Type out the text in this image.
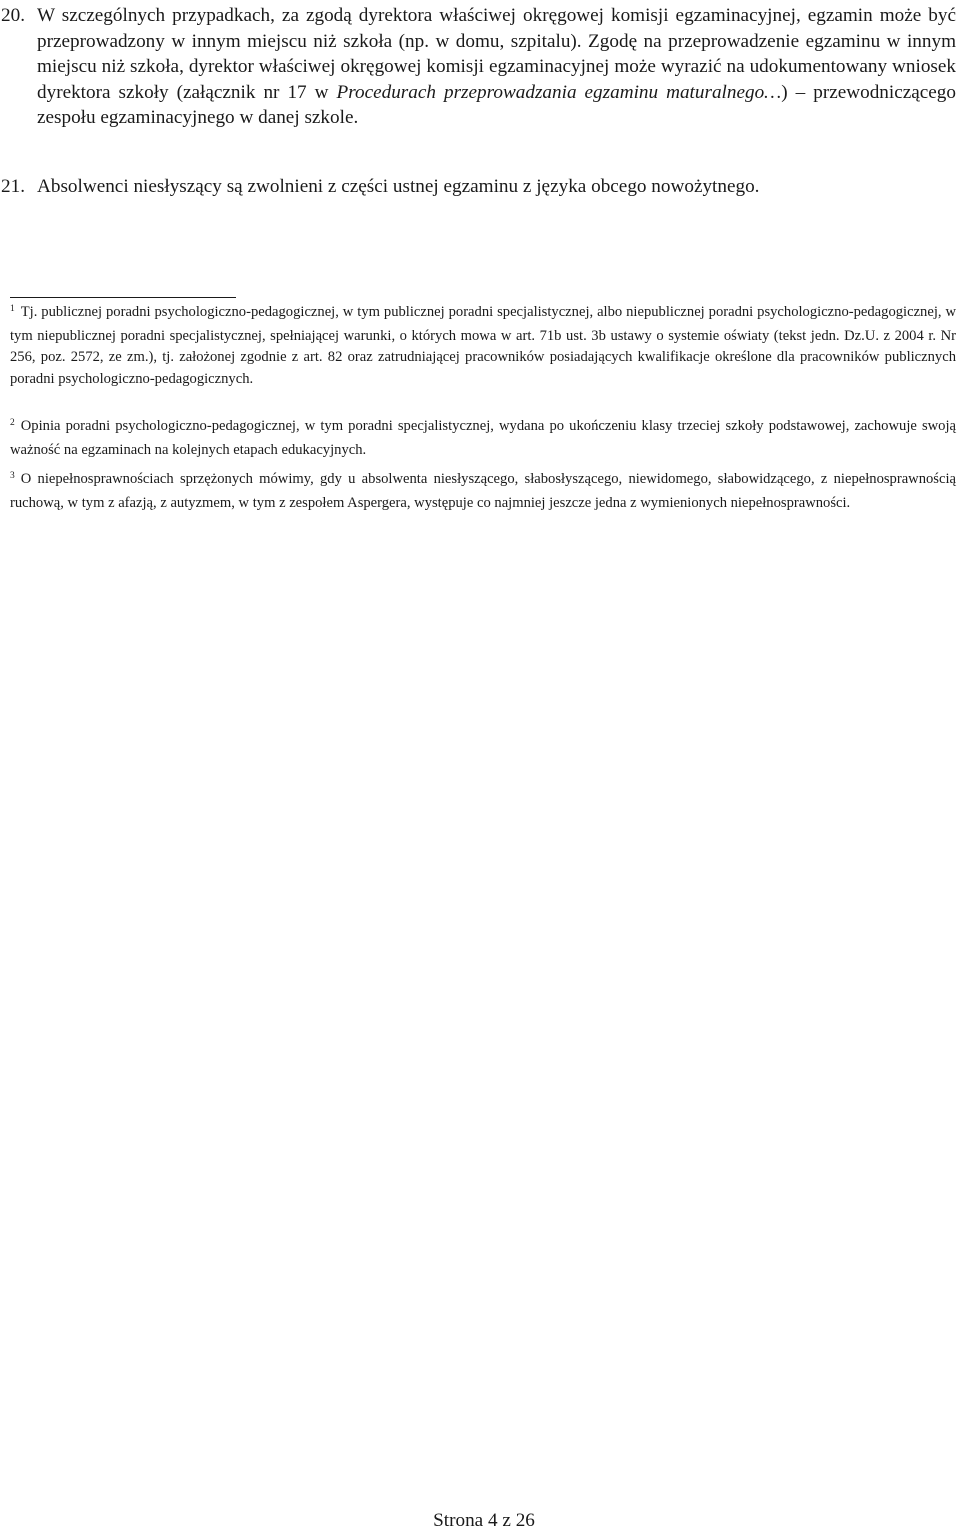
20. W szczególnych przypadkach, za zgodą dyrektora właściwej okręgowej komisji egzaminacyjnej, egzamin może być przeprowadzony w innym miejscu niż szkoła (np. w domu, szpitalu). Zgodę na przeprowadzenie egzaminu w innym miejscu niż szkoła, dyrektor właściwej okręgowej komisji egzaminacyjnej może wyrazić na udokumentowany wniosek dyrektora szkoły (załącznik nr 17 w Procedurach przeprowadzania egzaminu maturalnego…) – przewodniczącego zespołu egzaminacyjnego w danej szkole.
21. Absolwenci niesłyszący są zwolnieni z części ustnej egzaminu z języka obcego nowożytnego.
$^1$ Tj. publicznej poradni psychologiczno-pedagogicznej, w tym publicznej poradni specjalistycznej, albo niepublicznej poradni psychologiczno-pedagogicznej, w tym niepublicznej poradni specjalistycznej, spełniającej warunki, o których mowa w art. 71b ust. 3b ustawy o systemie oświaty (tekst jedn. Dz.U. z 2004 r. Nr 256, poz. 2572, ze zm.), tj. założonej zgodnie z art. 82 oraz zatrudniającej pracowników posiadających kwalifikacje określone dla pracowników publicznych poradni psychologiczno-pedagogicznych.
$^2$ Opinia poradni psychologiczno-pedagogicznej, w tym poradni specjalistycznej, wydana po ukończeniu klasy trzeciej szkoły podstawowej, zachowuje swoją ważność na egzaminach na kolejnych etapach edukacyjnych.
$^3$ O niepełnosprawnościach sprzężonych mówimy, gdy u absolwenta niesłyszącego, słabosłyszącego, niewidomego, słabowidzącego, z niepełnosprawnością ruchową, w tym z afazją, z autyzmem, w tym z zespołem Aspergera, występuje co najmniej jeszcze jedna z wymienionych niepełnosprawności.
Strona 4 z 26
